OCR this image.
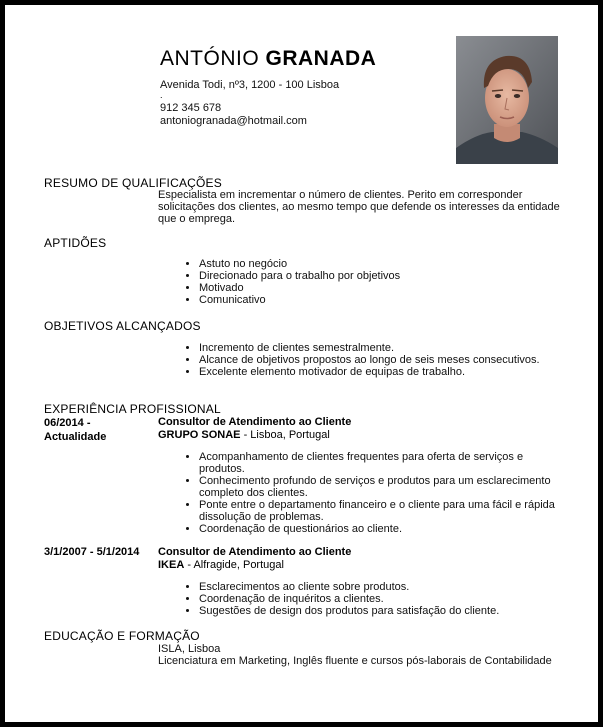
ANTÓNIO GRANADA
Avenida Todi, nº3, 1200 - 100 Lisboa
.
912 345 678
antoniogranada@hotmail.com
RESUMO DE QUALIFICAÇÕES
Especialista em incrementar o número de clientes. Perito em corresponder solicitações dos clientes, ao mesmo tempo que defende os interesses da entidade que o emprega.
APTIDÕES
• Astuto no negócio
• Direcionado para o trabalho por objetivos
• Motivado
• Comunicativo
OBJETIVOS ALCANÇADOS
• Incremento de clientes semestralmente.
• Alcance de objetivos propostos ao longo de seis meses consecutivos.
• Excelente elemento motivador de equipas de trabalho.
EXPERIÊNCIA PROFISSIONAL
06/2014 -
Actualidade
Consultor de Atendimento ao Cliente
GRUPO SONAE - Lisboa, Portugal
• Acompanhamento de clientes frequentes para oferta de serviços e produtos.
• Conhecimento profundo de serviços e produtos para um esclarecimento completo dos clientes.
• Ponte entre o departamento financeiro e o cliente para uma fácil e rápida dissolução de problemas.
• Coordenação de questionários ao cliente.
3/1/2007 - 5/1/2014 Consultor de Atendimento ao Cliente
IKEA - Alfragide, Portugal
• Esclarecimentos ao cliente sobre produtos.
• Coordenação de inquéritos a clientes.
• Sugestões de design dos produtos para satisfação do cliente.
EDUCAÇÃO E FORMAÇÃO
ISLA, Lisboa
Licenciatura em Marketing, Inglês fluente e cursos pós-laborais de Contabilidade
